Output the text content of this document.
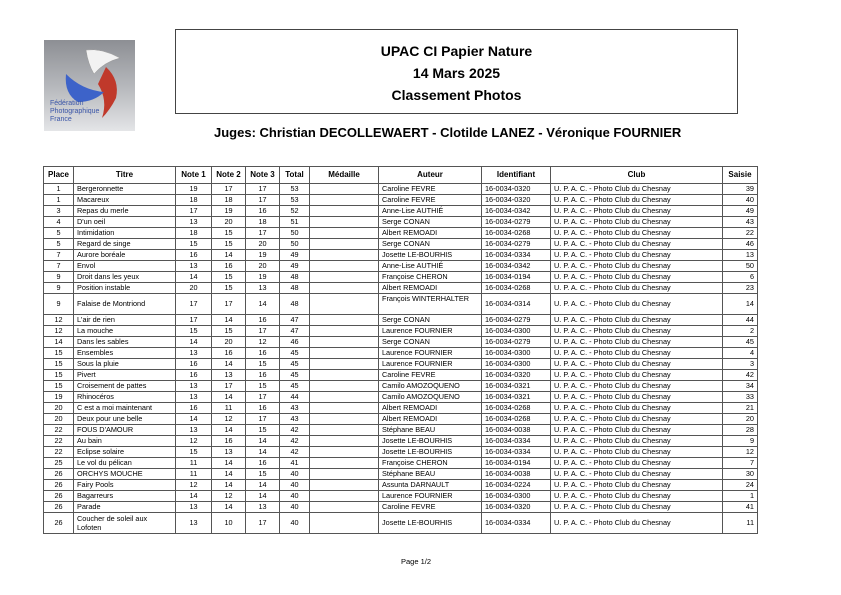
Fédération
Photographique
France
UPAC CI Papier Nature
14 Mars 2025
Classement Photos
Juges: Christian DECOLLEWAERT - Clotilde LANEZ - Véronique FOURNIER
Place	Titre	Note 1	Note 2	Note 3	Total	Médaille	Auteur	Identifiant	Club	Saisie
1	Bergeronnette	19	17	17	53		Caroline FEVRE	16-0034-0320	U. P. A. C. - Photo Club du Chesnay	39
1	Macareux	18	18	17	53		Caroline FEVRE	16-0034-0320	U. P. A. C. - Photo Club du Chesnay	40
3	Repas du merle	17	19	16	52		Anne-Lise AUTHIÉ	16-0034-0342	U. P. A. C. - Photo Club du Chesnay	49
4	D'un oeil	13	20	18	51		Serge CONAN	16-0034-0279	U. P. A. C. - Photo Club du Chesnay	43
5	Intimidation	18	15	17	50		Albert REMOADI	16-0034-0268	U. P. A. C. - Photo Club du Chesnay	22
5	Regard de singe	15	15	20	50		Serge CONAN	16-0034-0279	U. P. A. C. - Photo Club du Chesnay	46
7	Aurore boréale	16	14	19	49		Josette LE-BOURHIS	16-0034-0334	U. P. A. C. - Photo Club du Chesnay	13
7	Envol	13	16	20	49		Anne-Lise AUTHIÉ	16-0034-0342	U. P. A. C. - Photo Club du Chesnay	50
9	Droit dans les yeux	14	15	19	48		Françoise CHERON	16-0034-0194	U. P. A. C. - Photo Club du Chesnay	6
9	Position instable	20	15	13	48		Albert REMOADI	16-0034-0268	U. P. A. C. - Photo Club du Chesnay	23
9	Falaise de Montriond	17	17	14	48		François WINTERHALTER	16-0034-0314	U. P. A. C. - Photo Club du Chesnay	14
12	L'air de rien	17	14	16	47		Serge CONAN	16-0034-0279	U. P. A. C. - Photo Club du Chesnay	44
12	La mouche	15	15	17	47		Laurence FOURNIER	16-0034-0300	U. P. A. C. - Photo Club du Chesnay	2
14	Dans les sables	14	20	12	46		Serge CONAN	16-0034-0279	U. P. A. C. - Photo Club du Chesnay	45
15	Ensembles	13	16	16	45		Laurence FOURNIER	16-0034-0300	U. P. A. C. - Photo Club du Chesnay	4
15	Sous la pluie	16	14	15	45		Laurence FOURNIER	16-0034-0300	U. P. A. C. - Photo Club du Chesnay	3
15	Pivert	16	13	16	45		Caroline FEVRE	16-0034-0320	U. P. A. C. - Photo Club du Chesnay	42
15	Croisement de pattes	13	17	15	45		Camilo AMOZOQUENO	16-0034-0321	U. P. A. C. - Photo Club du Chesnay	34
19	Rhinocéros	13	14	17	44		Camilo AMOZOQUENO	16-0034-0321	U. P. A. C. - Photo Club du Chesnay	33
20	C est a moi maintenant	16	11	16	43		Albert REMOADI	16-0034-0268	U. P. A. C. - Photo Club du Chesnay	21
20	Deux pour une belle	14	12	17	43		Albert REMOADI	16-0034-0268	U. P. A. C. - Photo Club du Chesnay	20
22	FOUS D'AMOUR	13	14	15	42		Stéphane BEAU	16-0034-0038	U. P. A. C. - Photo Club du Chesnay	28
22	Au bain	12	16	14	42		Josette LE-BOURHIS	16-0034-0334	U. P. A. C. - Photo Club du Chesnay	9
22	Eclipse solaire	15	13	14	42		Josette LE-BOURHIS	16-0034-0334	U. P. A. C. - Photo Club du Chesnay	12
25	Le vol du pélican	11	14	16	41		Françoise CHERON	16-0034-0194	U. P. A. C. - Photo Club du Chesnay	7
26	ORCHYS MOUCHE	11	14	15	40		Stéphane BEAU	16-0034-0038	U. P. A. C. - Photo Club du Chesnay	30
26	Fairy Pools	12	14	14	40		Assunta DARNAULT	16-0034-0224	U. P. A. C. - Photo Club du Chesnay	24
26	Bagarreurs	14	12	14	40		Laurence FOURNIER	16-0034-0300	U. P. A. C. - Photo Club du Chesnay	1
26	Parade	13	14	13	40		Caroline FEVRE	16-0034-0320	U. P. A. C. - Photo Club du Chesnay	41
26	Coucher de soleil aux Lofoten	13	10	17	40		Josette LE-BOURHIS	16-0034-0334	U. P. A. C. - Photo Club du Chesnay	11
Page 1/2
